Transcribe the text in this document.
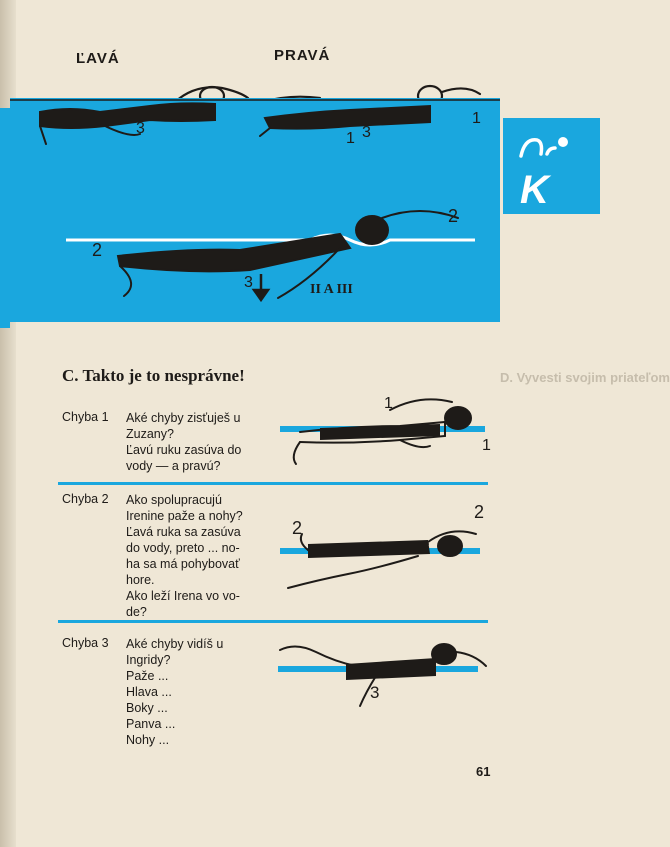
ĽAVÁ	PRAVÁ
3
1 3
1
2
2
3	II A III
K
D. Vyvesti svojim priateľom
C. Takto je to nesprávne!
Chyba 1 Aké chyby zisťuješ u
Zuzany?
Ľavú ruku zasúva do
vody — a pravú?
1
1
Chyba 2 Ako spolupracujú
Irenine paže a nohy?
Ľavá ruka sa zasúva
do vody, preto ... no-
ha sa má pohybovať
hore.
Ako leží Irena vo vo-
de?
2
2
Chyba 3 Aké chyby vidíš u
Ingridy?
Paže ...
Hlava ...
Boky ...
Panva ...
Nohy ...
3
61
